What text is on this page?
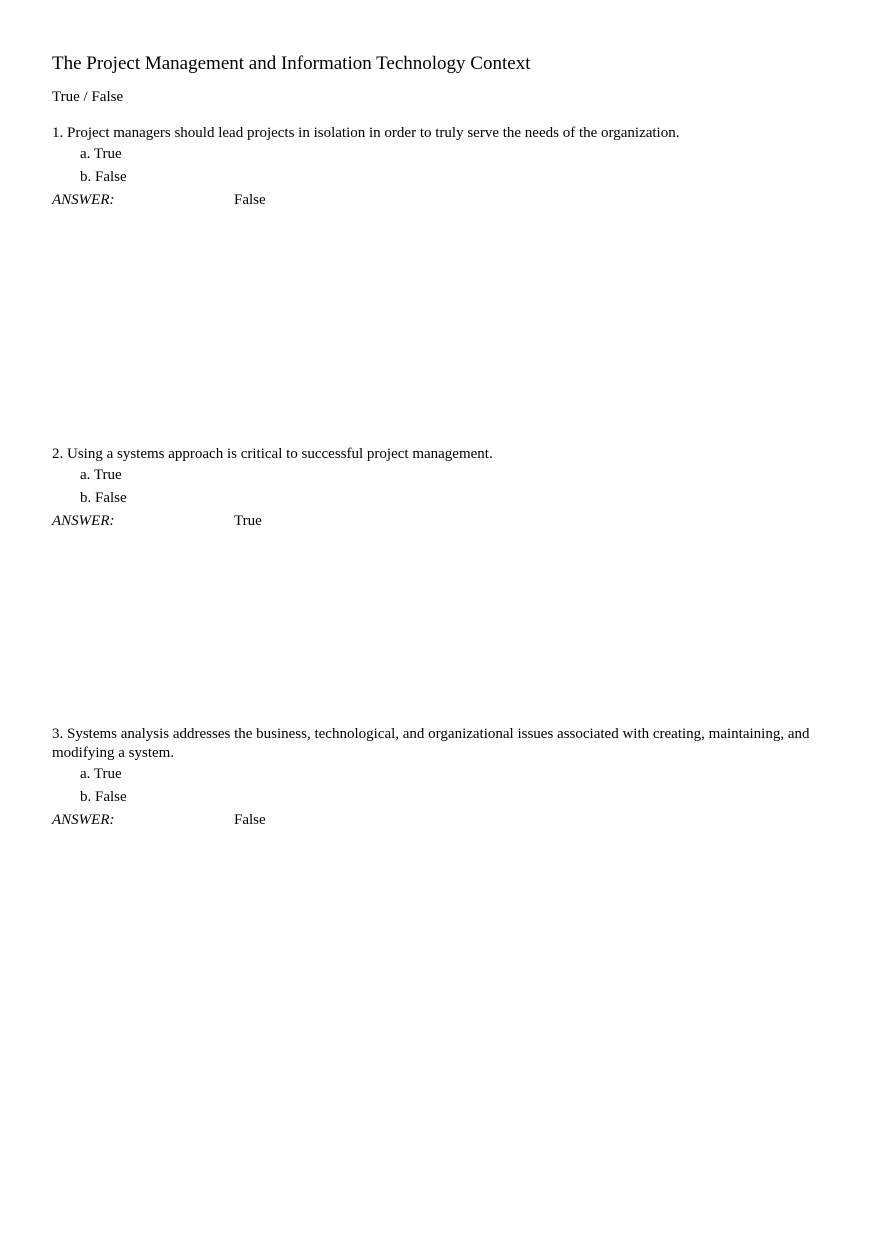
The Project Management and Information Technology Context
True / False

1. Project managers should lead projects in isolation in order to truly serve the needs of the organization.

a. True
b. False
ANSWER:	False

2. Using a systems approach is critical to successful project management.

a. True
b. False
ANSWER:	True

3. Systems analysis addresses the business, technological, and organizational issues associated with creating, maintaining, and modifying a system.

a. True
b. False
ANSWER:	False
